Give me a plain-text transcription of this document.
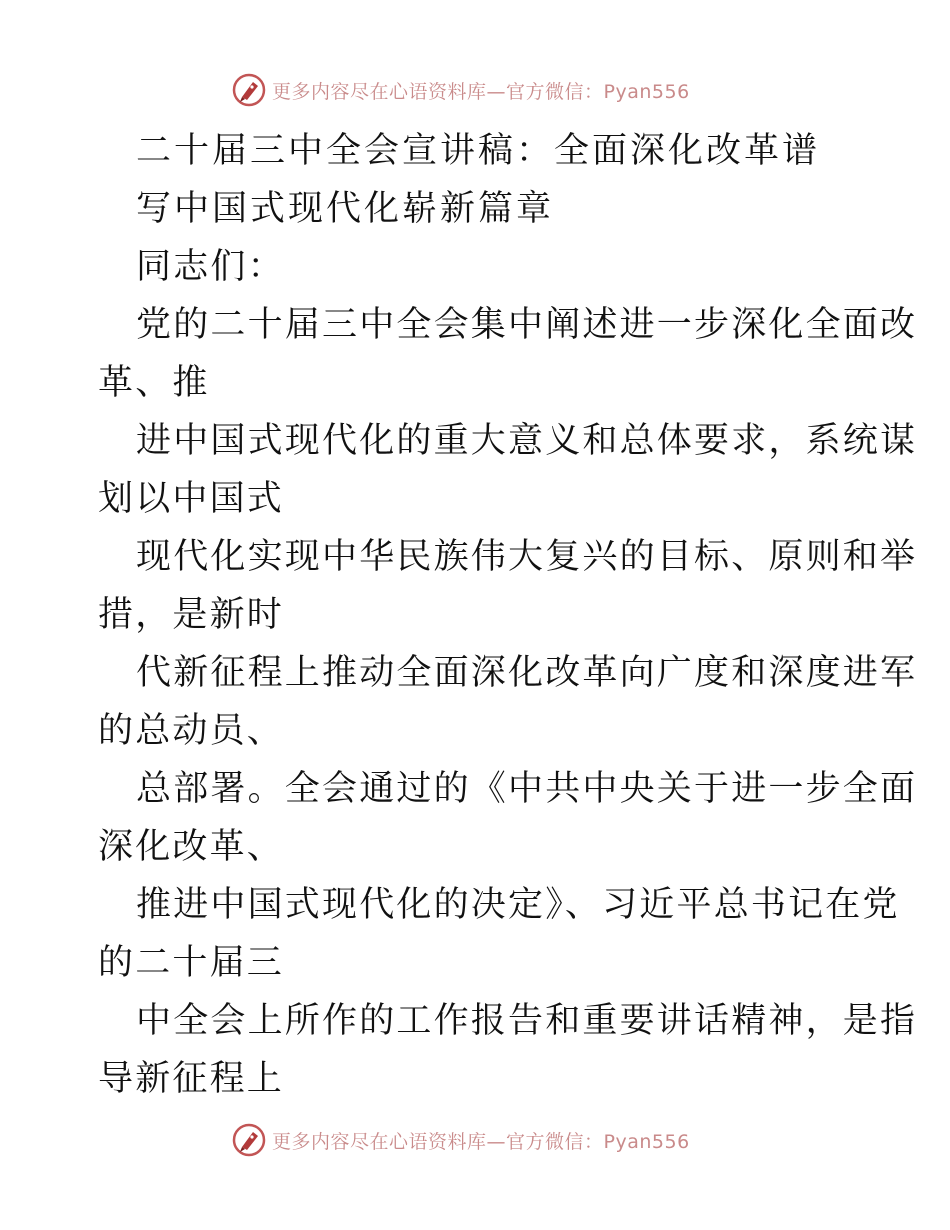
更多内容尽在心语资料库—官方微信：Pyan556
二十届三中全会宣讲稿：全面深化改革谱
写中国式现代化崭新篇章
同志们：
党的二十届三中全会集中阐述进一步深化全面改
革、推
进中国式现代化的重大意义和总体要求，系统谋
划以中国式
现代化实现中华民族伟大复兴的目标、原则和举
措，是新时
代新征程上推动全面深化改革向广度和深度进军
的总动员、
总部署。全会通过的《中共中央关于进一步全面
深化改革、
推进中国式现代化的决定》、习近平总书记在党
的二十届三
中全会上所作的工作报告和重要讲话精神，是指
导新征程上
更多内容尽在心语资料库—官方微信：Pyan556
